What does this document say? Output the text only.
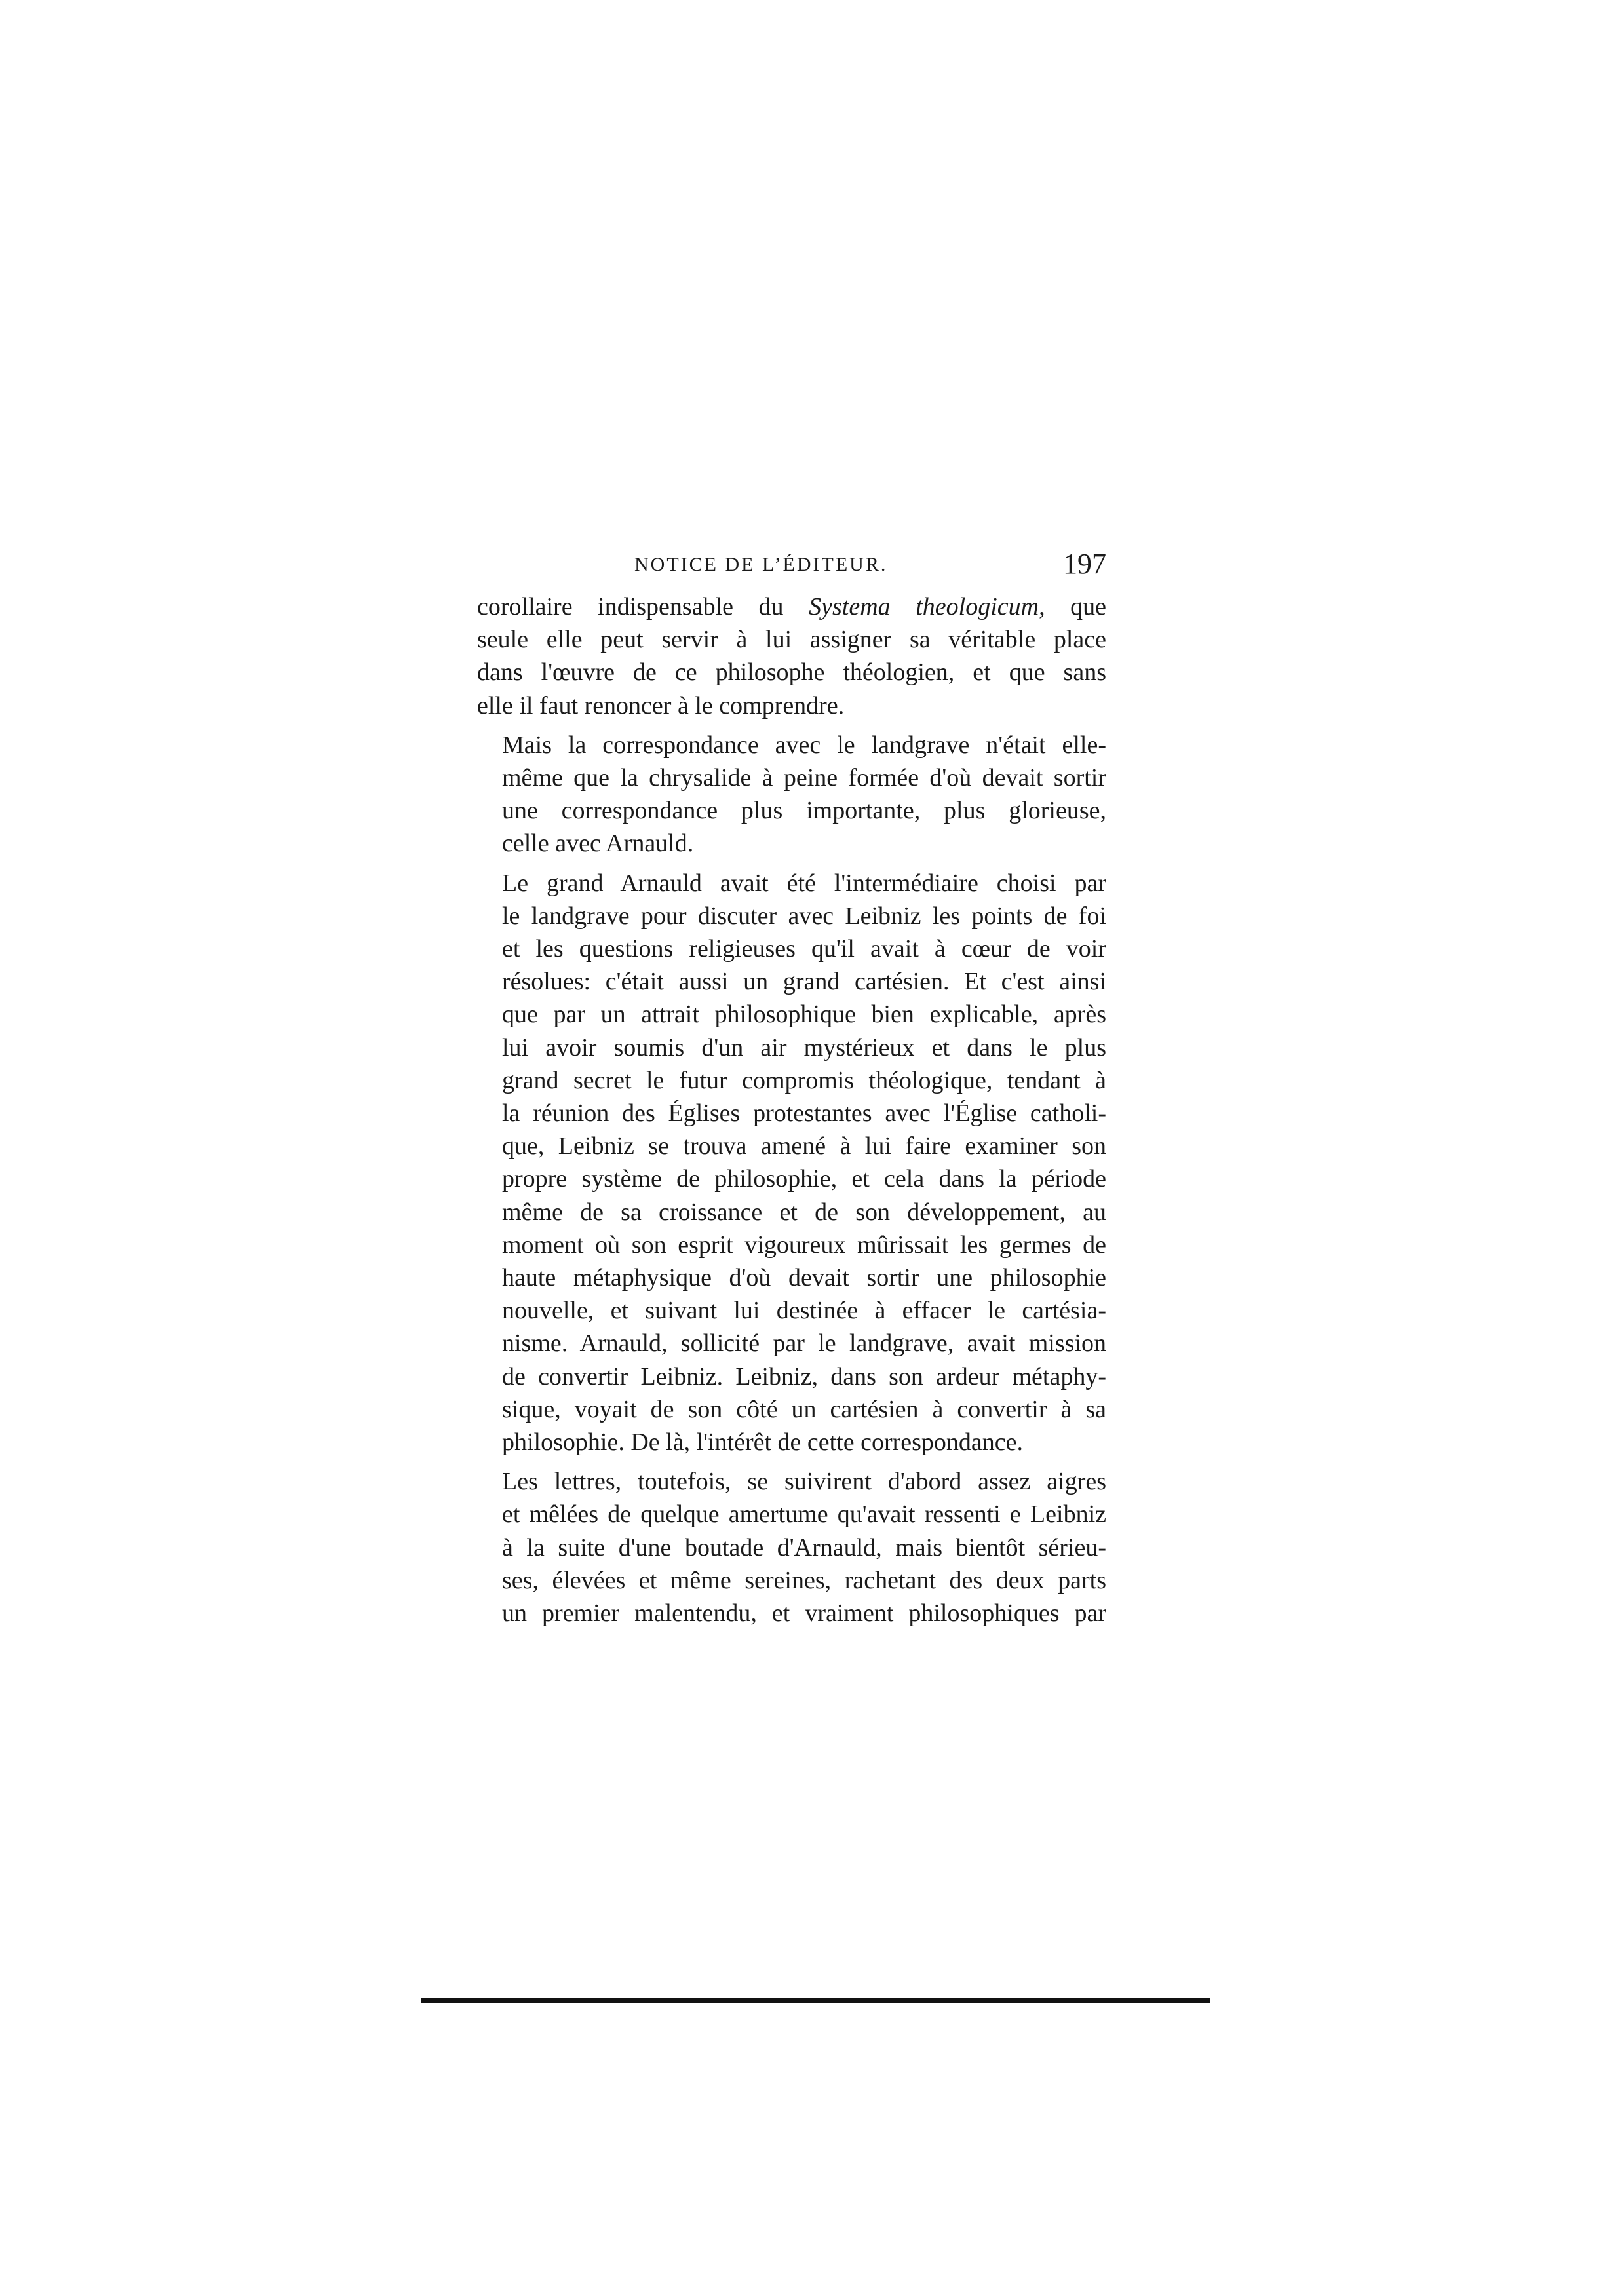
NOTICE DE L’ÉDITEUR.	197

corollaire indispensable du Systema theologicum, que
seule elle peut servir à lui assigner sa véritable place
dans l'œuvre de ce philosophe théologien, et que sans
elle il faut renoncer à le comprendre.

Mais la correspondance avec le landgrave n'était elle-
même que la chrysalide à peine formée d'où devait sortir
une correspondance plus importante, plus glorieuse,
celle avec Arnauld.

Le grand Arnauld avait été l'intermédiaire choisi par
le landgrave pour discuter avec Leibniz les points de foi
et les questions religieuses qu'il avait à cœur de voir
résolues: c'était aussi un grand cartésien. Et c'est ainsi
que par un attrait philosophique bien explicable, après
lui avoir soumis d'un air mystérieux et dans le plus
grand secret le futur compromis théologique, tendant à
la réunion des Églises protestantes avec l'Église catholi-
que, Leibniz se trouva amené à lui faire examiner son
propre système de philosophie, et cela dans la période
même de sa croissance et de son développement, au
moment où son esprit vigoureux mûrissait les germes de
haute métaphysique d'où devait sortir une philosophie
nouvelle, et suivant lui destinée à effacer le cartésia-
nisme. Arnauld, sollicité par le landgrave, avait mission
de convertir Leibniz. Leibniz, dans son ardeur métaphy-
sique, voyait de son côté un cartésien à convertir à sa
philosophie. De là, l'intérêt de cette correspondance.

Les lettres, toutefois, se suivirent d'abord assez aigres
et mêlées de quelque amertume qu'avait ressenti e Leibniz
à la suite d'une boutade d'Arnauld, mais bientôt sérieu-
ses, élevées et même sereines, rachetant des deux parts
un premier malentendu, et vraiment philosophiques par
